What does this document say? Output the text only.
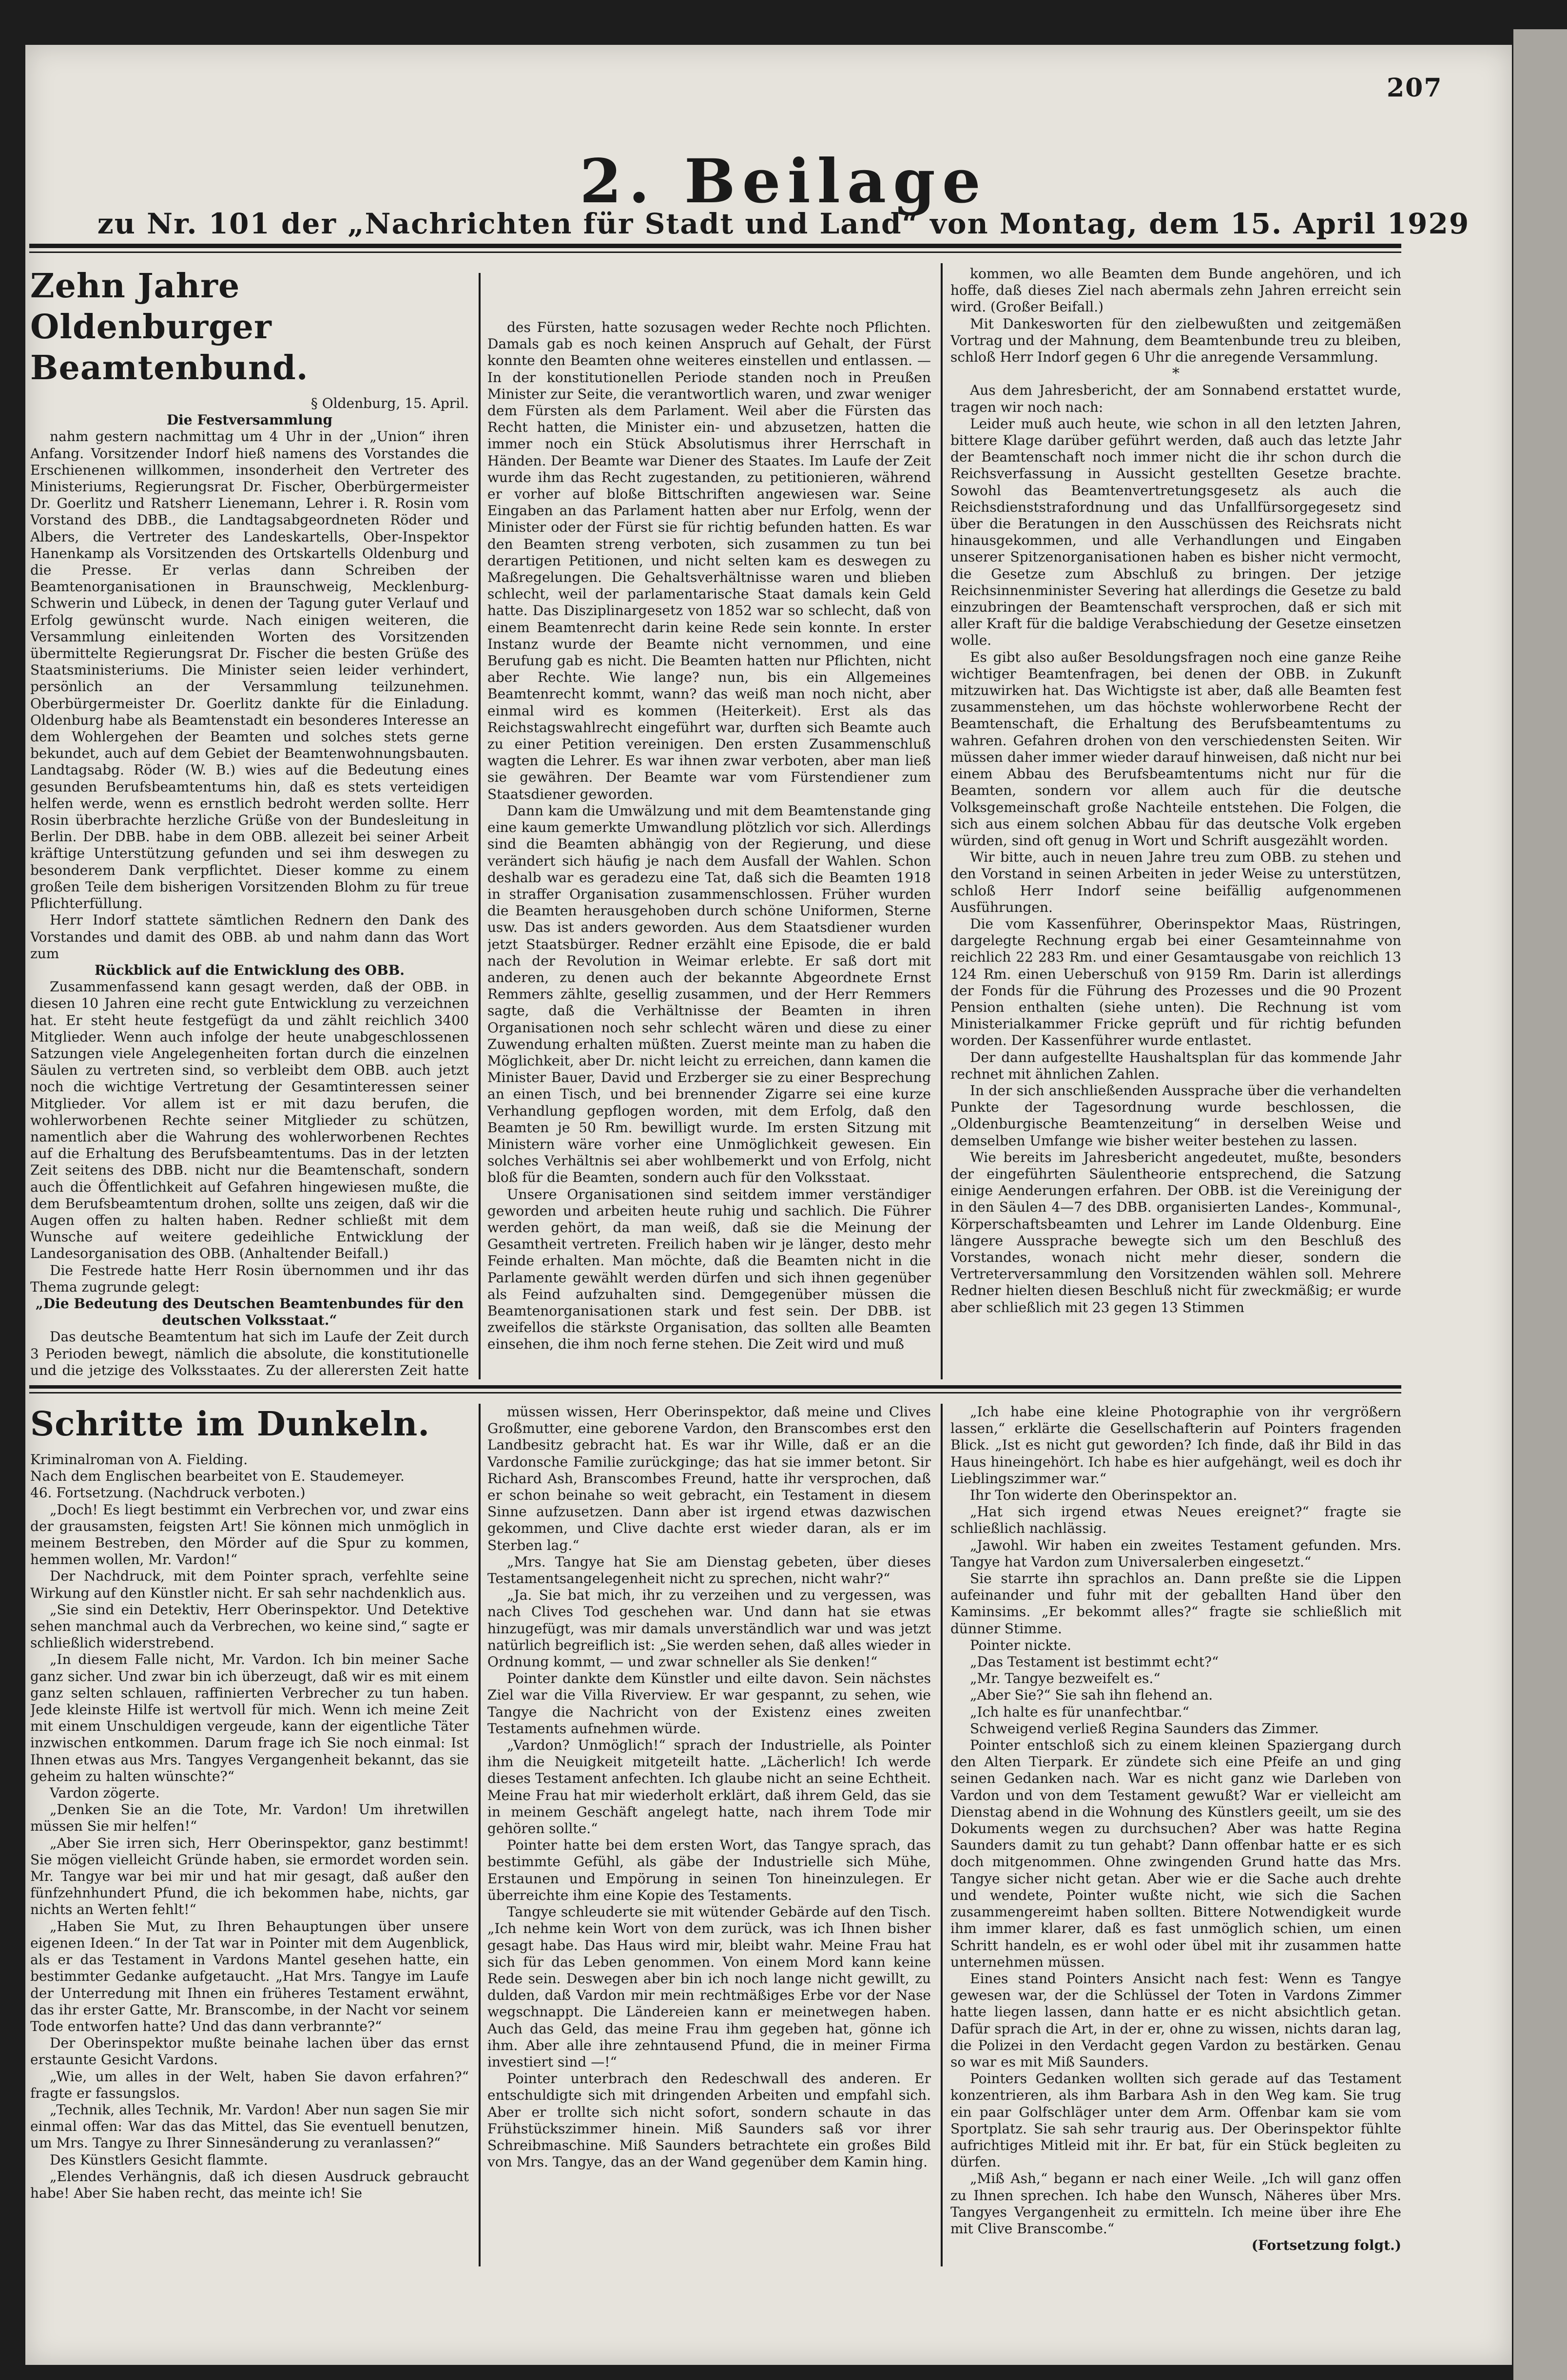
207
2. Beilage
zu Nr. 101 der „Nachrichten für Stadt und Land“ von Montag, dem 15. April 1929
Zehn Jahre Oldenburger Beamtenbund.

§ Oldenburg, 15. April.

Die Festversammlung

nahm gestern nachmittag um 4 Uhr in der „Union“ ihren Anfang. Vorsitzender Indorf hieß namens des Vorstandes die Erschienenen willkommen, insonderheit den Vertreter des Ministeriums, Regierungsrat Dr. Fischer, Oberbürgermeister Dr. Goerlitz und Ratsherr Lienemann, Lehrer i. R. Rosin vom Vorstand des DBB., die Landtagsabgeordneten Röder und Albers, die Vertreter des Landeskartells, Ober-Inspektor Hanenkamp als Vorsitzenden des Ortskartells Oldenburg und die Presse. Er verlas dann Schreiben der Beamtenorganisationen in Braunschweig, Mecklenburg-Schwerin und Lübeck, in denen der Tagung guter Verlauf und Erfolg gewünscht wurde. Nach einigen weiteren, die Versammlung einleitenden Worten des Vorsitzenden übermittelte Regierungsrat Dr. Fischer die besten Grüße des Staatsministeriums. Die Minister seien leider verhindert, persönlich an der Versammlung teilzunehmen. Oberbürgermeister Dr. Goerlitz dankte für die Einladung. Oldenburg habe als Beamtenstadt ein besonderes Interesse an dem Wohlergehen der Beamten und solches stets gerne bekundet, auch auf dem Gebiet der Beamtenwohnungsbauten. Landtagsabg. Röder (W. B.) wies auf die Bedeutung eines gesunden Berufsbeamtentums hin, daß es stets verteidigen helfen werde, wenn es ernstlich bedroht werden sollte. Herr Rosin überbrachte herzliche Grüße von der Bundesleitung in Berlin. Der DBB. habe in dem OBB. allezeit bei seiner Arbeit kräftige Unterstützung gefunden und sei ihm deswegen zu besonderem Dank verpflichtet. Dieser komme zu einem großen Teile dem bisherigen Vorsitzenden Blohm zu für treue Pflichterfüllung.

Herr Indorf stattete sämtlichen Rednern den Dank des Vorstandes und damit des OBB. ab und nahm dann das Wort zum

Rückblick auf die Entwicklung des OBB.

Zusammenfassend kann gesagt werden, daß der OBB. in diesen 10 Jahren eine recht gute Entwicklung zu verzeichnen hat. Er steht heute festgefügt da und zählt reichlich 3400 Mitglieder. Wenn auch infolge der heute unabgeschlossenen Satzungen viele Angelegenheiten fortan durch die einzelnen Säulen zu vertreten sind, so verbleibt dem OBB. auch jetzt noch die wichtige Vertretung der Gesamtinteressen seiner Mitglieder. Vor allem ist er mit dazu berufen, die wohlerworbenen Rechte seiner Mitglieder zu schützen, namentlich aber die Wahrung des wohlerworbenen Rechtes auf die Erhaltung des Berufsbeamtentums. Das in der letzten Zeit seitens des DBB. nicht nur die Beamtenschaft, sondern auch die Öffentlichkeit auf Gefahren hingewiesen mußte, die dem Berufsbeamtentum drohen, sollte uns zeigen, daß wir die Augen offen zu halten haben. Redner schließt mit dem Wunsche auf weitere gedeihliche Entwicklung der Landesorganisation des OBB. (Anhaltender Beifall.)

Die Festrede hatte Herr Rosin übernommen und ihr das Thema zugrunde gelegt:

„Die Bedeutung des Deutschen Beamtenbundes für den deutschen Volksstaat.“

Das deutsche Beamtentum hat sich im Laufe der Zeit durch 3 Perioden bewegt, nämlich die absolute, die konstitutionelle und die jetzige des Volksstaates. Zu der allerersten Zeit hatte

des Fürsten, hatte sozusagen weder Rechte noch Pflichten. Damals gab es noch keinen Anspruch auf Gehalt, der Fürst konnte den Beamten ohne weiteres einstellen und entlassen. — In der konstitutionellen Periode standen noch in Preußen Minister zur Seite, die verantwortlich waren, und zwar weniger dem Fürsten als dem Parlament. Weil aber die Fürsten das Recht hatten, die Minister ein- und abzusetzen, hatten die immer noch ein Stück Absolutismus ihrer Herrschaft in Händen. Der Beamte war Diener des Staates. Im Laufe der Zeit wurde ihm das Recht zugestanden, zu petitionieren, während er vorher auf bloße Bittschriften angewiesen war. Seine Eingaben an das Parlament hatten aber nur Erfolg, wenn der Minister oder der Fürst sie für richtig befunden hatten. Es war den Beamten streng verboten, sich zusammen zu tun bei derartigen Petitionen, und nicht selten kam es deswegen zu Maßregelungen. Die Gehaltsverhältnisse waren und blieben schlecht, weil der parlamentarische Staat damals kein Geld hatte. Das Disziplinargesetz von 1852 war so schlecht, daß von einem Beamtenrecht darin keine Rede sein konnte. In erster Instanz wurde der Beamte nicht vernommen, und eine Berufung gab es nicht. Die Beamten hatten nur Pflichten, nicht aber Rechte. Wie lange? nun, bis ein Allgemeines Beamtenrecht kommt, wann? das weiß man noch nicht, aber einmal wird es kommen (Heiterkeit). Erst als das Reichstagswahlrecht eingeführt war, durften sich Beamte auch zu einer Petition vereinigen. Den ersten Zusammenschluß wagten die Lehrer. Es war ihnen zwar verboten, aber man ließ sie gewähren. Der Beamte war vom Fürstendiener zum Staatsdiener geworden.

Dann kam die Umwälzung und mit dem Beamtenstande ging eine kaum gemerkte Umwandlung plötzlich vor sich. Allerdings sind die Beamten abhängig von der Regierung, und diese verändert sich häufig je nach dem Ausfall der Wahlen. Schon deshalb war es geradezu eine Tat, daß sich die Beamten 1918 in straffer Organisation zusammenschlossen. Früher wurden die Beamten herausgehoben durch schöne Uniformen, Sterne usw. Das ist anders geworden. Aus dem Staatsdiener wurden jetzt Staatsbürger. Redner erzählt eine Episode, die er bald nach der Revolution in Weimar erlebte. Er saß dort mit anderen, zu denen auch der bekannte Abgeordnete Ernst Remmers zählte, gesellig zusammen, und der Herr Remmers sagte, daß die Verhältnisse der Beamten in ihren Organisationen noch sehr schlecht wären und diese zu einer Zuwendung erhalten müßten. Zuerst meinte man zu haben die Möglichkeit, aber Dr. nicht leicht zu erreichen, dann kamen die Minister Bauer, David und Erzberger sie zu einer Besprechung an einen Tisch, und bei brennender Zigarre sei eine kurze Verhandlung gepflogen worden, mit dem Erfolg, daß den Beamten je 50 Rm. bewilligt wurde. Im ersten Sitzung mit Ministern wäre vorher eine Unmöglichkeit gewesen. Ein solches Verhältnis sei aber wohlbemerkt und von Erfolg, nicht bloß für die Beamten, sondern auch für den Volksstaat.

Unsere Organisationen sind seitdem immer verständiger geworden und arbeiten heute ruhig und sachlich. Die Führer werden gehört, da man weiß, daß sie die Meinung der Gesamtheit vertreten. Freilich haben wir je länger, desto mehr Feinde erhalten. Man möchte, daß die Beamten nicht in die Parlamente gewählt werden dürfen und sich ihnen gegenüber als Feind aufzuhalten sind. Demgegenüber müssen die Beamtenorganisationen stark und fest sein. Der DBB. ist zweifellos die stärkste Organisation, das sollten alle Beamten einsehen, die ihm noch ferne stehen. Die Zeit wird und muß

kommen, wo alle Beamten dem Bunde angehören, und ich hoffe, daß dieses Ziel nach abermals zehn Jahren erreicht sein wird. (Großer Beifall.)

Mit Dankesworten für den zielbewußten und zeitgemäßen Vortrag und der Mahnung, dem Beamtenbunde treu zu bleiben, schloß Herr Indorf gegen 6 Uhr die anregende Versammlung.

*

Aus dem Jahresbericht, der am Sonnabend erstattet wurde, tragen wir noch nach:

Leider muß auch heute, wie schon in all den letzten Jahren, bittere Klage darüber geführt werden, daß auch das letzte Jahr der Beamtenschaft noch immer nicht die ihr schon durch die Reichsverfassung in Aussicht gestellten Gesetze brachte. Sowohl das Beamtenvertretungsgesetz als auch die Reichsdienststrafordnung und das Unfallfürsorgegesetz sind über die Beratungen in den Ausschüssen des Reichsrats nicht hinausgekommen, und alle Verhandlungen und Eingaben unserer Spitzenorganisationen haben es bisher nicht vermocht, die Gesetze zum Abschluß zu bringen. Der jetzige Reichsinnenminister Severing hat allerdings die Gesetze zu bald einzubringen der Beamtenschaft versprochen, daß er sich mit aller Kraft für die baldige Verabschiedung der Gesetze einsetzen wolle.

Es gibt also außer Besoldungsfragen noch eine ganze Reihe wichtiger Beamtenfragen, bei denen der OBB. in Zukunft mitzuwirken hat. Das Wichtigste ist aber, daß alle Beamten fest zusammenstehen, um das höchste wohlerworbene Recht der Beamtenschaft, die Erhaltung des Berufsbeamtentums zu wahren. Gefahren drohen von den verschiedensten Seiten. Wir müssen daher immer wieder darauf hinweisen, daß nicht nur bei einem Abbau des Berufsbeamtentums nicht nur für die Beamten, sondern vor allem auch für die deutsche Volksgemeinschaft große Nachteile entstehen. Die Folgen, die sich aus einem solchen Abbau für das deutsche Volk ergeben würden, sind oft genug in Wort und Schrift ausgezählt worden.

Wir bitte, auch in neuen Jahre treu zum OBB. zu stehen und den Vorstand in seinen Arbeiten in jeder Weise zu unterstützen, schloß Herr Indorf seine beifällig aufgenommenen Ausführungen.

Die vom Kassenführer, Oberinspektor Maas, Rüstringen, dargelegte Rechnung ergab bei einer Gesamteinnahme von reichlich 22 283 Rm. und einer Gesamtausgabe von reichlich 13 124 Rm. einen Ueberschuß von 9159 Rm. Darin ist allerdings der Fonds für die Führung des Prozesses und die 90 Prozent Pension enthalten (siehe unten). Die Rechnung ist vom Ministerialkammer Fricke geprüft und für richtig befunden worden. Der Kassenführer wurde entlastet.

Der dann aufgestellte Haushaltsplan für das kommende Jahr rechnet mit ähnlichen Zahlen.

In der sich anschließenden Aussprache über die verhandelten Punkte der Tagesordnung wurde beschlossen, die „Oldenburgische Beamtenzeitung“ in derselben Weise und demselben Umfange wie bisher weiter bestehen zu lassen.

Wie bereits im Jahresbericht angedeutet, mußte, besonders der eingeführten Säulentheorie entsprechend, die Satzung einige Aenderungen erfahren. Der OBB. ist die Vereinigung der in den Säulen 4—7 des DBB. organisierten Landes-, Kommunal-, Körperschaftsbeamten und Lehrer im Lande Oldenburg. Eine längere Aussprache bewegte sich um den Beschluß des Vorstandes, wonach nicht mehr dieser, sondern die Vertreterversammlung den Vorsitzenden wählen soll. Mehrere Redner hielten diesen Beschluß nicht für zweckmäßig; er wurde aber schließlich mit 23 gegen 13 Stimmen

Schritte im Dunkeln.

Kriminalroman von A. Fielding.

Nach dem Englischen bearbeitet von E. Staudemeyer.

46. Fortsetzung. (Nachdruck verboten.)

„Doch! Es liegt bestimmt ein Verbrechen vor, und zwar eins der grausamsten, feigsten Art! Sie können mich unmöglich in meinem Bestreben, den Mörder auf die Spur zu kommen, hemmen wollen, Mr. Vardon!“

Der Nachdruck, mit dem Pointer sprach, verfehlte seine Wirkung auf den Künstler nicht. Er sah sehr nachdenklich aus.

„Sie sind ein Detektiv, Herr Oberinspektor. Und Detektive sehen manchmal auch da Verbrechen, wo keine sind,“ sagte er schließlich widerstrebend.

„In diesem Falle nicht, Mr. Vardon. Ich bin meiner Sache ganz sicher. Und zwar bin ich überzeugt, daß wir es mit einem ganz selten schlauen, raffinierten Verbrecher zu tun haben. Jede kleinste Hilfe ist wertvoll für mich. Wenn ich meine Zeit mit einem Unschuldigen vergeude, kann der eigentliche Täter inzwischen entkommen. Darum frage ich Sie noch einmal: Ist Ihnen etwas aus Mrs. Tangyes Vergangenheit bekannt, das sie geheim zu halten wünschte?“

Vardon zögerte.

„Denken Sie an die Tote, Mr. Vardon! Um ihretwillen müssen Sie mir helfen!“

„Aber Sie irren sich, Herr Oberinspektor, ganz bestimmt! Sie mögen vielleicht Gründe haben, sie ermordet worden sein. Mr. Tangye war bei mir und hat mir gesagt, daß außer den fünfzehnhundert Pfund, die ich bekommen habe, nichts, gar nichts an Werten fehlt!“

„Haben Sie Mut, zu Ihren Behauptungen über unsere eigenen Ideen.“ In der Tat war in Pointer mit dem Augenblick, als er das Testament in Vardons Mantel gesehen hatte, ein bestimmter Gedanke aufgetaucht. „Hat Mrs. Tangye im Laufe der Unterredung mit Ihnen ein früheres Testament erwähnt, das ihr erster Gatte, Mr. Branscombe, in der Nacht vor seinem Tode entworfen hatte? Und das dann verbrannte?“

Der Oberinspektor mußte beinahe lachen über das ernst erstaunte Gesicht Vardons.

„Wie, um alles in der Welt, haben Sie davon erfahren?“ fragte er fassungslos.

„Technik, alles Technik, Mr. Vardon! Aber nun sagen Sie mir einmal offen: War das das Mittel, das Sie eventuell benutzen, um Mrs. Tangye zu Ihrer Sinnesänderung zu veranlassen?“

Des Künstlers Gesicht flammte.

„Elendes Verhängnis, daß ich diesen Ausdruck gebraucht habe! Aber Sie haben recht, das meinte ich! Sie

müssen wissen, Herr Oberinspektor, daß meine und Clives Großmutter, eine geborene Vardon, den Branscombes erst den Landbesitz gebracht hat. Es war ihr Wille, daß er an die Vardonsche Familie zurückginge; das hat sie immer betont. Sir Richard Ash, Branscombes Freund, hatte ihr versprochen, daß er schon beinahe so weit gebracht, ein Testament in diesem Sinne aufzusetzen. Dann aber ist irgend etwas dazwischen gekommen, und Clive dachte erst wieder daran, als er im Sterben lag.“

„Mrs. Tangye hat Sie am Dienstag gebeten, über dieses Testamentsangelegenheit nicht zu sprechen, nicht wahr?“

„Ja. Sie bat mich, ihr zu verzeihen und zu vergessen, was nach Clives Tod geschehen war. Und dann hat sie etwas hinzugefügt, was mir damals unverständlich war und was jetzt natürlich begreiflich ist: „Sie werden sehen, daß alles wieder in Ordnung kommt, — und zwar schneller als Sie denken!“

Pointer dankte dem Künstler und eilte davon. Sein nächstes Ziel war die Villa Riverview. Er war gespannt, zu sehen, wie Tangye die Nachricht von der Existenz eines zweiten Testaments aufnehmen würde.

„Vardon? Unmöglich!“ sprach der Industrielle, als Pointer ihm die Neuigkeit mitgeteilt hatte. „Lächerlich! Ich werde dieses Testament anfechten. Ich glaube nicht an seine Echtheit. Meine Frau hat mir wiederholt erklärt, daß ihrem Geld, das sie in meinem Geschäft angelegt hatte, nach ihrem Tode mir gehören sollte.“

Pointer hatte bei dem ersten Wort, das Tangye sprach, das bestimmte Gefühl, als gäbe der Industrielle sich Mühe, Erstaunen und Empörung in seinen Ton hineinzulegen. Er überreichte ihm eine Kopie des Testaments.

Tangye schleuderte sie mit wütender Gebärde auf den Tisch. „Ich nehme kein Wort von dem zurück, was ich Ihnen bisher gesagt habe. Das Haus wird mir, bleibt wahr. Meine Frau hat sich für das Leben genommen. Von einem Mord kann keine Rede sein. Deswegen aber bin ich noch lange nicht gewillt, zu dulden, daß Vardon mir mein rechtmäßiges Erbe vor der Nase wegschnappt. Die Ländereien kann er meinetwegen haben. Auch das Geld, das meine Frau ihm gegeben hat, gönne ich ihm. Aber alle ihre zehntausend Pfund, die in meiner Firma investiert sind —!“

Pointer unterbrach den Redeschwall des anderen. Er entschuldigte sich mit dringenden Arbeiten und empfahl sich. Aber er trollte sich nicht sofort, sondern schaute in das Frühstückszimmer hinein. Miß Saunders saß vor ihrer Schreibmaschine. Miß Saunders betrachtete ein großes Bild von Mrs. Tangye, das an der Wand gegenüber dem Kamin hing.

„Ich habe eine kleine Photographie von ihr vergrößern lassen,“ erklärte die Gesellschafterin auf Pointers fragenden Blick. „Ist es nicht gut geworden? Ich finde, daß ihr Bild in das Haus hineingehört. Ich habe es hier aufgehängt, weil es doch ihr Lieblingszimmer war.“

Ihr Ton widerte den Oberinspektor an.

„Hat sich irgend etwas Neues ereignet?“ fragte sie schließlich nachlässig.

„Jawohl. Wir haben ein zweites Testament gefunden. Mrs. Tangye hat Vardon zum Universalerben eingesetzt.“

Sie starrte ihn sprachlos an. Dann preßte sie die Lippen aufeinander und fuhr mit der geballten Hand über den Kaminsims. „Er bekommt alles?“ fragte sie schließlich mit dünner Stimme.

Pointer nickte.

„Das Testament ist bestimmt echt?“

„Mr. Tangye bezweifelt es.“

„Aber Sie?“ Sie sah ihn flehend an.

„Ich halte es für unanfechtbar.“

Schweigend verließ Regina Saunders das Zimmer.

Pointer entschloß sich zu einem kleinen Spaziergang durch den Alten Tierpark. Er zündete sich eine Pfeife an und ging seinen Gedanken nach. War es nicht ganz wie Darleben von Vardon und von dem Testament gewußt? War er vielleicht am Dienstag abend in die Wohnung des Künstlers geeilt, um sie des Dokuments wegen zu durchsuchen? Aber was hatte Regina Saunders damit zu tun gehabt? Dann offenbar hatte er es sich doch mitgenommen. Ohne zwingenden Grund hatte das Mrs. Tangye sicher nicht getan. Aber wie er die Sache auch drehte und wendete, Pointer wußte nicht, wie sich die Sachen zusammengereimt haben sollten. Bittere Notwendigkeit wurde ihm immer klarer, daß es fast unmöglich schien, um einen Schritt handeln, es er wohl oder übel mit ihr zusammen hatte unternehmen müssen.

Eines stand Pointers Ansicht nach fest: Wenn es Tangye gewesen war, der die Schlüssel der Toten in Vardons Zimmer hatte liegen lassen, dann hatte er es nicht absichtlich getan. Dafür sprach die Art, in der er, ohne zu wissen, nichts daran lag, die Polizei in den Verdacht gegen Vardon zu bestärken. Genau so war es mit Miß Saunders.

Pointers Gedanken wollten sich gerade auf das Testament konzentrieren, als ihm Barbara Ash in den Weg kam. Sie trug ein paar Golfschläger unter dem Arm. Offenbar kam sie vom Sportplatz. Sie sah sehr traurig aus. Der Oberinspektor fühlte aufrichtiges Mitleid mit ihr. Er bat, für ein Stück begleiten zu dürfen.

„Miß Ash,“ begann er nach einer Weile. „Ich will ganz offen zu Ihnen sprechen. Ich habe den Wunsch, Näheres über Mrs. Tangyes Vergangenheit zu ermitteln. Ich meine über ihre Ehe mit Clive Branscombe.“

(Fortsetzung folgt.)
